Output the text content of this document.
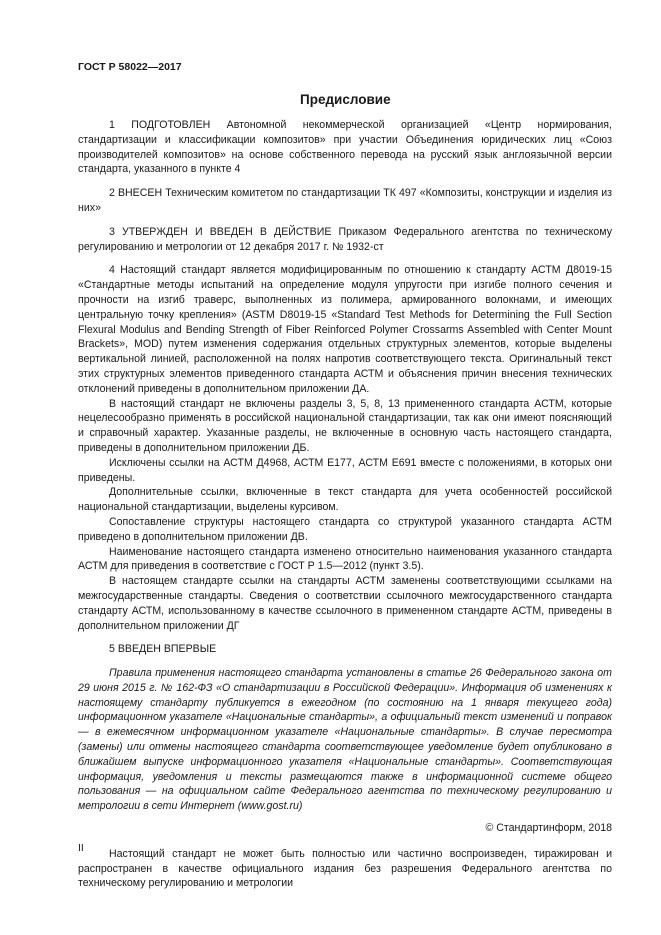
ГОСТ Р 58022—2017
Предисловие

1 ПОДГОТОВЛЕН Автономной некоммерческой организацией «Центр нормирования, стандартизации и классификации композитов» при участии Объединения юридических лиц «Союз производителей композитов» на основе собственного перевода на русский язык англоязычной версии стандарта, указанного в пункте 4

2 ВНЕСЕН Техническим комитетом по стандартизации ТК 497 «Композиты, конструкции и изделия из них»

3 УТВЕРЖДЕН И ВВЕДЕН В ДЕЙСТВИЕ Приказом Федерального агентства по техническому регулированию и метрологии от 12 декабря 2017 г. № 1932-ст

4 Настоящий стандарт является модифицированным по отношению к стандарту АСТМ Д8019-15 «Стандартные методы испытаний на определение модуля упругости при изгибе полного сечения и прочности на изгиб траверс, выполненных из полимера, армированного волокнами, и имеющих центральную точку крепления» (ASTM D8019-15 «Standard Test Methods for Determining the Full Section Flexural Modulus and Bending Strength of Fiber Reinforced Polymer Crossarms Assembled with Center Mount Brackets», MOD) путем изменения содержания отдельных структурных элементов, которые выделены вертикальной линией, расположенной на полях напротив соответствующего текста. Оригинальный текст этих структурных элементов приведенного стандарта АСТМ и объяснения причин внесения технических отклонений приведены в дополнительном приложении ДА.

В настоящий стандарт не включены разделы 3, 5, 8, 13 примененного стандарта АСТМ, которые нецелесообразно применять в российской национальной стандартизации, так как они имеют поясняющий и справочный характер. Указанные разделы, не включенные в основную часть настоящего стандарта, приведены в дополнительном приложении ДБ.

Исключены ссылки на АСТМ Д4968, АСТМ Е177, АСТМ Е691 вместе с положениями, в которых они приведены.

Дополнительные ссылки, включенные в текст стандарта для учета особенностей российской национальной стандартизации, выделены курсивом.

Сопоставление структуры настоящего стандарта со структурой указанного стандарта АСТМ приведено в дополнительном приложении ДВ.

Наименование настоящего стандарта изменено относительно наименования указанного стандарта АСТМ для приведения в соответствие с ГОСТ Р 1.5—2012 (пункт 3.5).

В настоящем стандарте ссылки на стандарты АСТМ заменены соответствующими ссылками на межгосударственные стандарты. Сведения о соответствии ссылочного межгосударственного стандарта стандарту АСТМ, использованному в качестве ссылочного в примененном стандарте АСТМ, приведены в дополнительном приложении ДГ

5 ВВЕДЕН ВПЕРВЫЕ

Правила применения настоящего стандарта установлены в статье 26 Федерального закона от 29 июня 2015 г. № 162-ФЗ «О стандартизации в Российской Федерации». Информация об изменениях к настоящему стандарту публикуется в ежегодном (по состоянию на 1 января текущего года) информационном указателе «Национальные стандарты», а официальный текст изменений и поправок — в ежемесячном информационном указателе «Национальные стандарты». В случае пересмотра (замены) или отмены настоящего стандарта соответствующее уведомление будет опубликовано в ближайшем выпуске информационного указателя «Национальные стандарты». Соответствующая информация, уведомления и тексты размещаются также в информационной системе общего пользования — на официальном сайте Федерального агентства по техническому регулированию и метрологии в сети Интернет (www.gost.ru)

© Стандартинформ, 2018

Настоящий стандарт не может быть полностью или частично воспроизведен, тиражирован и распространен в качестве официального издания без разрешения Федерального агентства по техническому регулированию и метрологии

II
